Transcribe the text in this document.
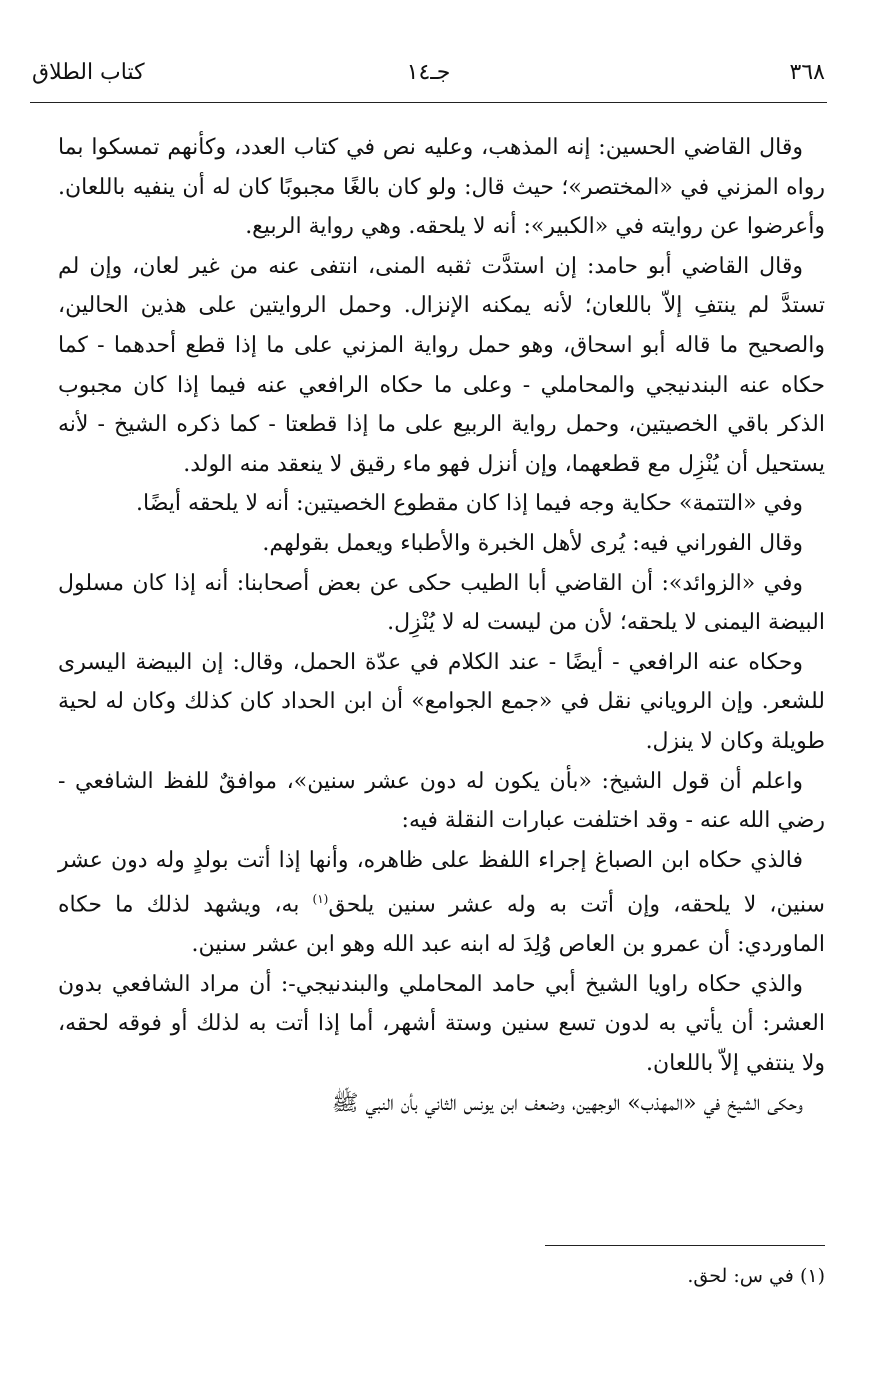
٣٦٨
جـ١٤
كتاب الطلاق

وقال القاضي الحسين: إنه المذهب، وعليه نص في كتاب العدد، وكأنهم تمسكوا بما رواه المزني في «المختصر»؛ حيث قال: ولو كان بالغًا مجبوبًا كان له أن ينفيه باللعان. وأعرضوا عن روايته في «الكبير»: أنه لا يلحقه. وهي رواية الربيع.

وقال القاضي أبو حامد: إن استدَّت ثقبه المنى، انتفى عنه من غير لعان، وإن لم تستدَّ لم ينتفِ إلاّ باللعان؛ لأنه يمكنه الإنزال. وحمل الروايتين على هذين الحالين، والصحيح ما قاله أبو اسحاق، وهو حمل رواية المزني على ما إذا قطع أحدهما - كما حكاه عنه البندنيجي والمحاملي - وعلى ما حكاه الرافعي عنه فيما إذا كان مجبوب الذكر باقي الخصيتين، وحمل رواية الربيع على ما إذا قطعتا - كما ذكره الشيخ - لأنه يستحيل أن يُنْزِل مع قطعهما، وإن أنزل فهو ماء رقيق لا ينعقد منه الولد.

وفي «التتمة» حكاية وجه فيما إذا كان مقطوع الخصيتين: أنه لا يلحقه أيضًا.

وقال الفوراني فيه: يُرى لأهل الخبرة والأطباء ويعمل بقولهم.

وفي «الزوائد»: أن القاضي أبا الطيب حكى عن بعض أصحابنا: أنه إذا كان مسلول البيضة اليمنى لا يلحقه؛ لأن من ليست له لا يُنْزِل.

وحكاه عنه الرافعي - أيضًا - عند الكلام في عدّة الحمل، وقال: إن البيضة اليسرى للشعر. وإن الروياني نقل في «جمع الجوامع» أن ابن الحداد كان كذلك وكان له لحية طويلة وكان لا ينزل.

واعلم أن قول الشيخ: «بأن يكون له دون عشر سنين»، موافقٌ للفظ الشافعي - رضي الله عنه - وقد اختلفت عبارات النقلة فيه:

فالذي حكاه ابن الصباغ إجراء اللفظ على ظاهره، وأنها إذا أتت بولدٍ وله دون عشر سنين، لا يلحقه، وإن أتت به وله عشر سنين يلحق$^{(١)}$ به، ويشهد لذلك ما حكاه الماوردي: أن عمرو بن العاص وُلِدَ له ابنه عبد الله وهو ابن عشر سنين.

والذي حكاه راويا الشيخ أبي حامد المحاملي والبندنيجي-: أن مراد الشافعي بدون العشر: أن يأتي به لدون تسع سنين وستة أشهر، أما إذا أتت به لذلك أو فوقه لحقه، ولا ينتفي إلاّ باللعان.

وحكى الشيخ في «المهذب» الوجهين، وضعف ابن يونس الثاني بأن النبي ﷺ

(١) في س: لحق.
